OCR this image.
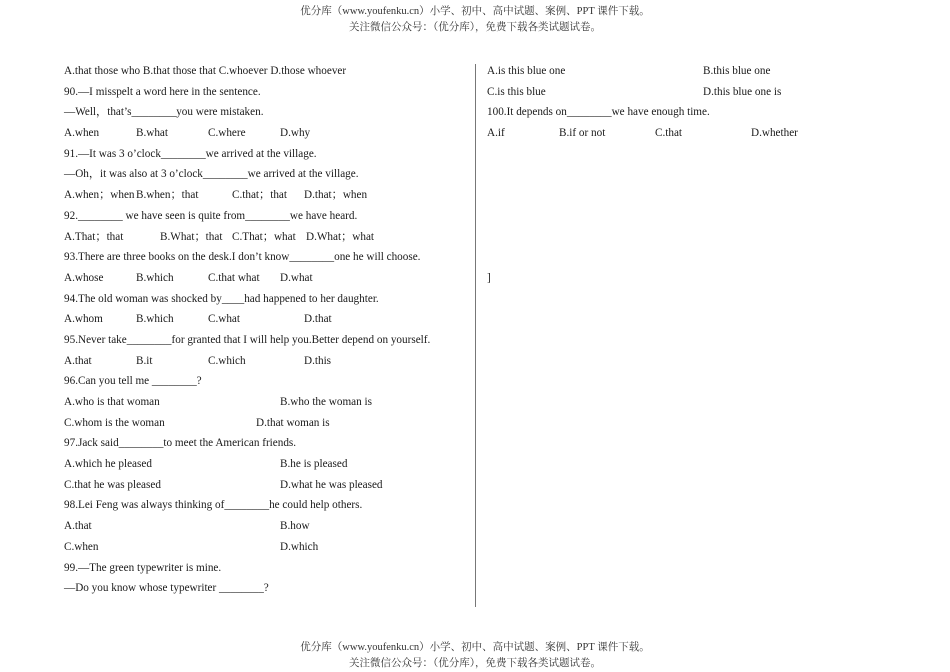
优分库（www.youfenku.cn）小学、初中、高中试题、案例、PPT 课件下载。
关注微信公众号：（优分库），免费下载各类试题试卷。
A.that those who B.that those that C.whoever D.those whoever
90.—I misspelt a word here in the sentence.
—Well，that’s________you were mistaken.
A.when	B.what	C.where	D.why
91.—It was 3 o’clock________we arrived at the village.
—Oh，it was also at 3 o’clock________we arrived at the village.
A.when；when B.when；that	C.that；that D.that；when
92.________ we have seen is quite from________we have heard.
A.That；that	B.What；that C.That；what D.What；what
93.There are three books on the desk.I don’t know________one he will choose.
A.whose	B.which	C.that what D.what
94.The old woman was shocked by____had happened to her daughter.
A.whom	B.which	C.what	D.that
95.Never take________for granted that I will help you.Better depend on yourself.
A.that	B.it	C.which	D.this
96.Can you tell me ________?
A.who is that woman	B.who the woman is
C.whom is the woman	D.that woman is
97.Jack said________to meet the American friends.
A.which he pleased	B.he is pleased
C.that he was pleased	D.what he was pleased
98.Lei Feng was always thinking of________he could help others.
A.that	B.how
C.when	D.which
99.—The green typewriter is mine.
—Do you know whose typewriter ________?
A.is this blue one	B.this blue one
C.is this blue	D.this blue one is
100.It depends on________we have enough time.
A.if	B.if or not	C.that	D.whether
]
优分库（www.youfenku.cn）小学、初中、高中试题、案例、PPT 课件下载。
关注微信公众号：（优分库），免费下载各类试题试卷。
